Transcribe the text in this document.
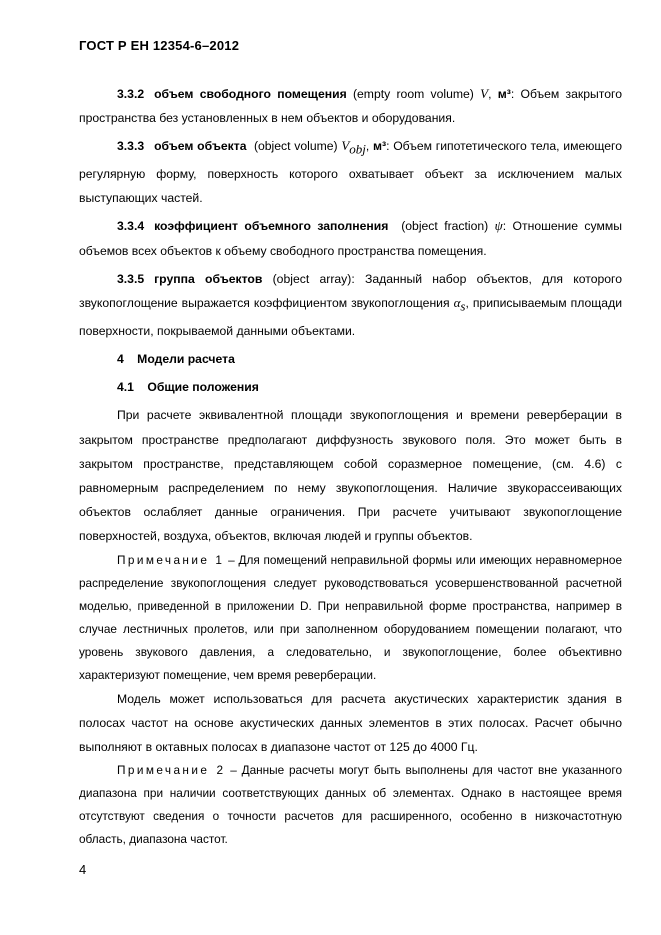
ГОСТ Р ЕН 12354-6–2012

3.3.2 объем свободного помещения (empty room volume) V, м³: Объем закрытого пространства без установленных в нем объектов и оборудования.

3.3.3 объем объекта (object volume) $V_{obj}$, м³: Объем гипотетического тела, имеющего регулярную форму, поверхность которого охватывает объект за исключением малых выступающих частей.

3.3.4 коэффициент объемного заполнения (object fraction) ψ: Отношение суммы объемов всех объектов к объему свободного пространства помещения.

3.3.5 группа объектов (object array): Заданный набор объектов, для которого звукопоглощение выражается коэффициентом звукопоглощения $\alpha_s$, приписываемым площади поверхности, покрываемой данными объектами.

4 Модели расчета

4.1 Общие положения

При расчете эквивалентной площади звукопоглощения и времени реверберации в закрытом пространстве предполагают диффузность звукового поля. Это может быть в закрытом пространстве, представляющем собой соразмерное помещение, (см. 4.6) с равномерным распределением по нему звукопоглощения. Наличие звукорассеивающих объектов ослабляет данные ограничения. При расчете учитывают звукопоглощение поверхностей, воздуха, объектов, включая людей и группы объектов.

Примечание 1 – Для помещений неправильной формы или имеющих неравномерное распределение звукопоглощения следует руководствоваться усовершенствованной расчетной моделью, приведенной в приложении D. При неправильной форме пространства, например в случае лестничных пролетов, или при заполненном оборудованием помещении полагают, что уровень звукового давления, а следовательно, и звукопоглощение, более объективно характеризуют помещение, чем время реверберации.

Модель может использоваться для расчета акустических характеристик здания в полосах частот на основе акустических данных элементов в этих полосах. Расчет обычно выполняют в октавных полосах в диапазоне частот от 125 до 4000 Гц.

Примечание 2 – Данные расчеты могут быть выполнены для частот вне указанного диапазона при наличии соответствующих данных об элементах. Однако в настоящее время отсутствуют сведения о точности расчетов для расширенного, особенно в низкочастотную область, диапазона частот.

4
